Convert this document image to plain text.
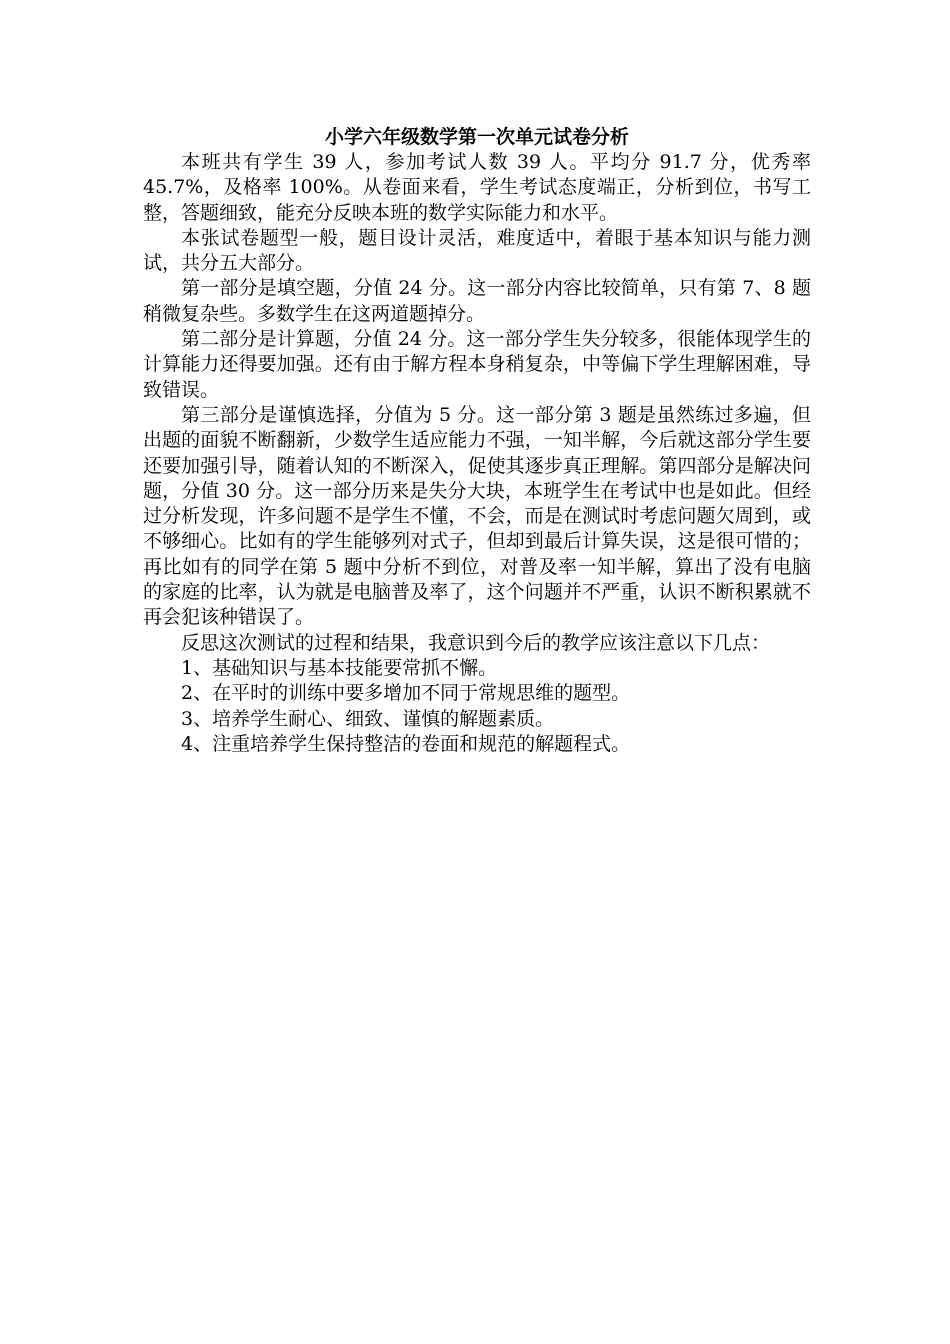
小学六年级数学第一次单元试卷分析

本班共有学生 39 人，参加考试人数 39 人。平均分 91.7 分，优秀率 45.7%，及格率 100%。从卷面来看，学生考试态度端正，分析到位，书写工整，答题细致，能充分反映本班的数学实际能力和水平。

本张试卷题型一般，题目设计灵活，难度适中，着眼于基本知识与能力测试，共分五大部分。

第一部分是填空题，分值 24 分。这一部分内容比较简单，只有第 7、8 题稍微复杂些。多数学生在这两道题掉分。

第二部分是计算题，分值 24 分。这一部分学生失分较多，很能体现学生的计算能力还得要加强。还有由于解方程本身稍复杂，中等偏下学生理解困难，导致错误。

第三部分是谨慎选择，分值为 5 分。这一部分第 3 题是虽然练过多遍，但出题的面貌不断翻新，少数学生适应能力不强，一知半解，今后就这部分学生要还要加强引导，随着认知的不断深入，促使其逐步真正理解。第四部分是解决问题，分值 30 分。这一部分历来是失分大块，本班学生在考试中也是如此。但经过分析发现，许多问题不是学生不懂，不会，而是在测试时考虑问题欠周到，或不够细心。比如有的学生能够列对式子，但却到最后计算失误，这是很可惜的；再比如有的同学在第 5 题中分析不到位，对普及率一知半解，算出了没有电脑的家庭的比率，认为就是电脑普及率了，这个问题并不严重，认识不断积累就不再会犯该种错误了。

反思这次测试的过程和结果，我意识到今后的教学应该注意以下几点：

1、基础知识与基本技能要常抓不懈。
2、在平时的训练中要多增加不同于常规思维的题型。
3、培养学生耐心、细致、谨慎的解题素质。
4、注重培养学生保持整洁的卷面和规范的解题程式。
